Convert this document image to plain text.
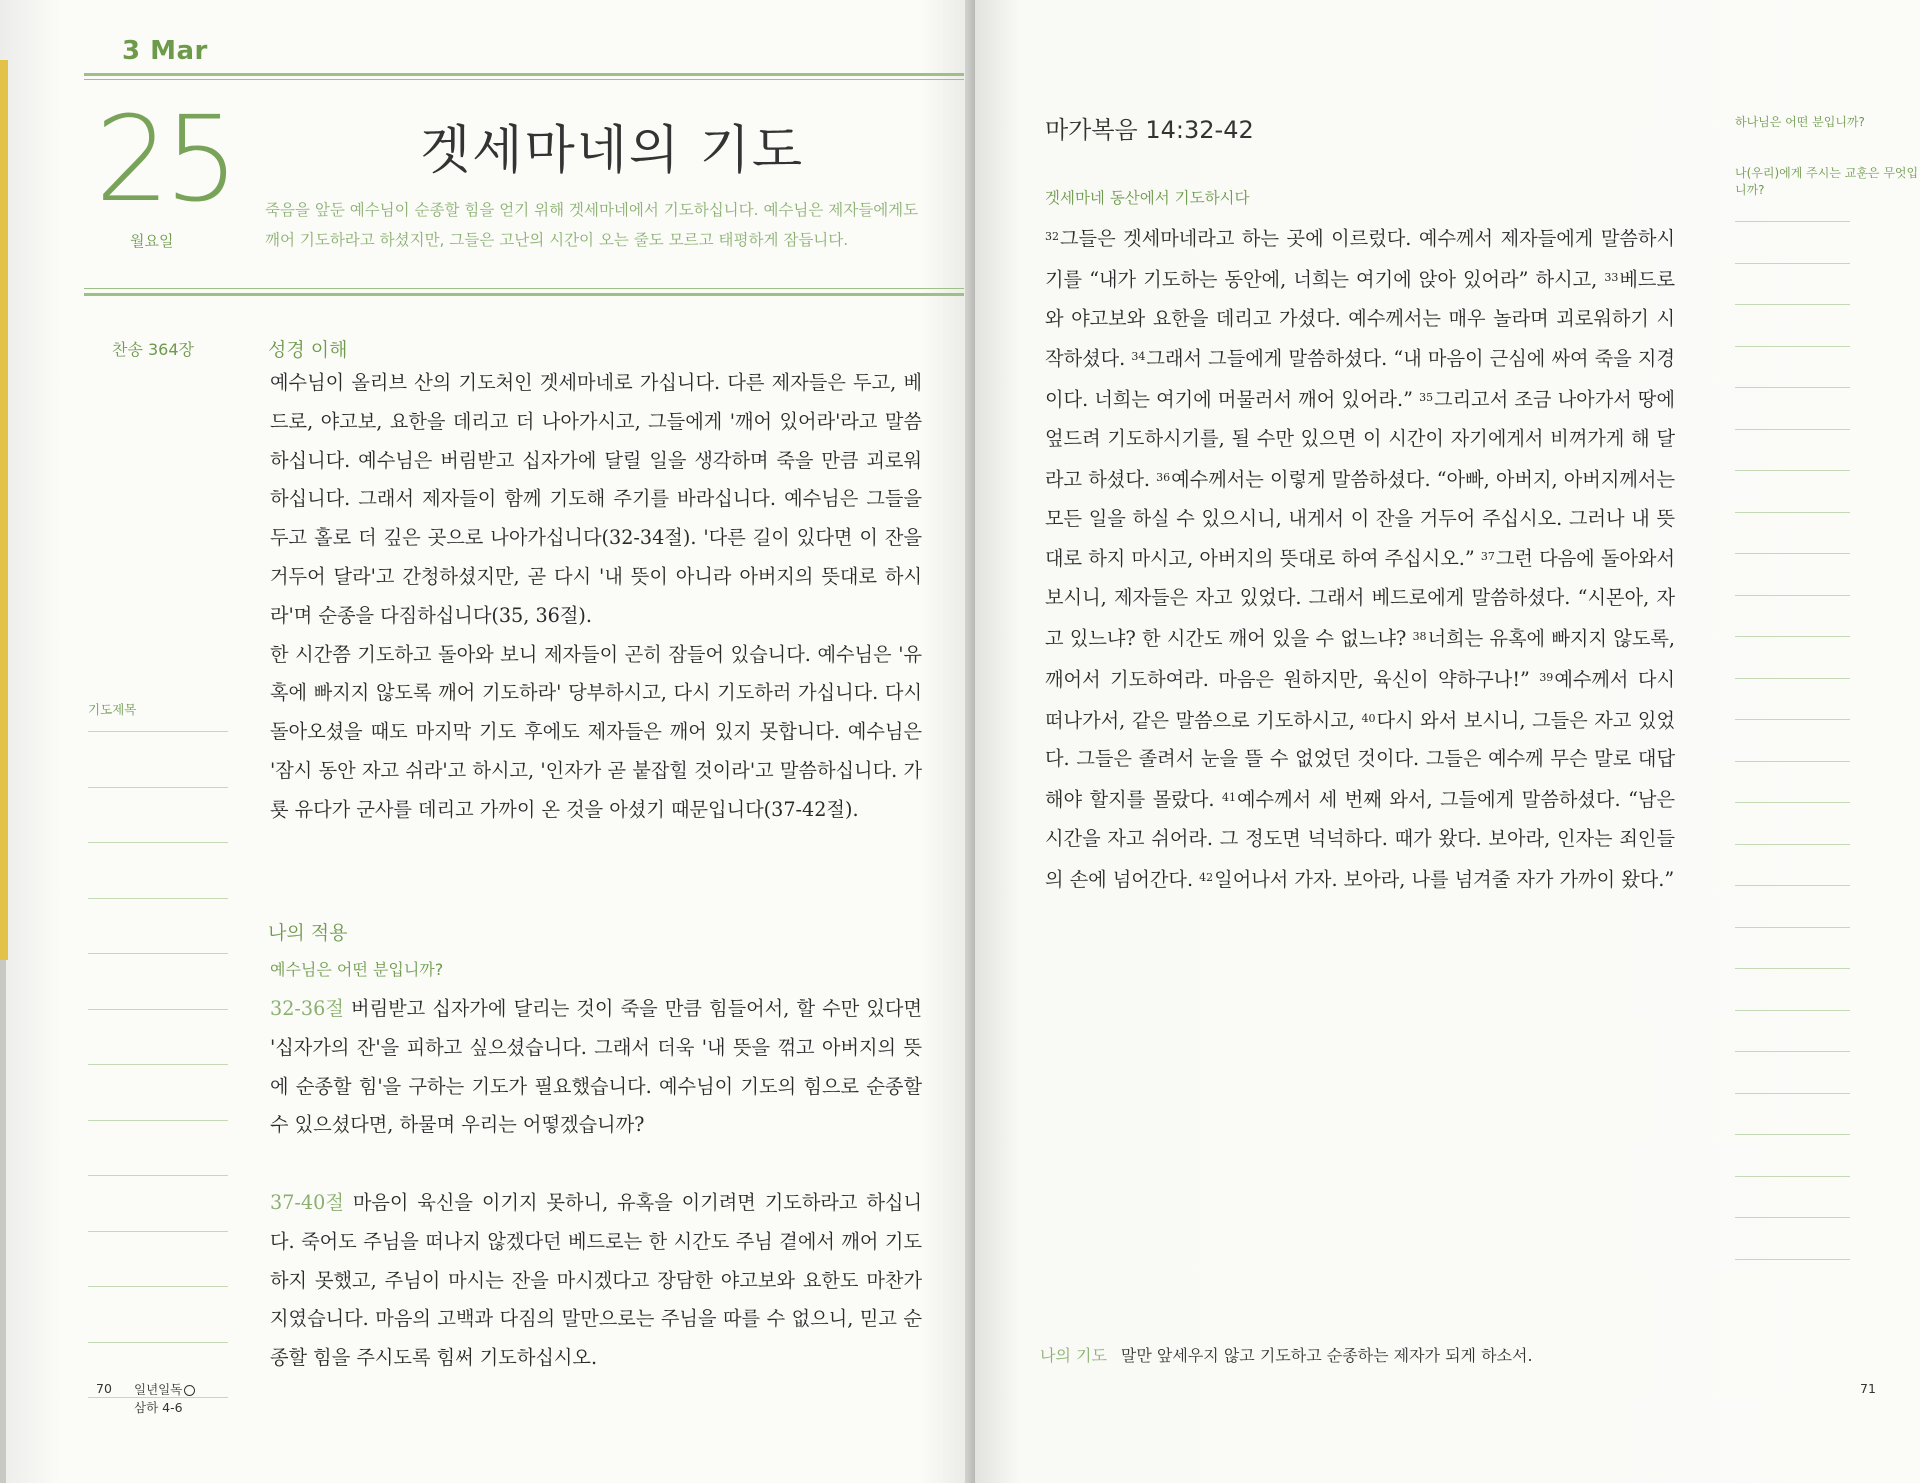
3 Mar
25
월요일
겟세마네의 기도
죽음을 앞둔 예수님이 순종할 힘을 얻기 위해 겟세마네에서 기도하십니다. 예수님은 제자들에게도 깨어 기도하라고 하셨지만, 그들은 고난의 시간이 오는 줄도 모르고 태평하게 잠듭니다.
찬송 364장
기도제목
성경 이해

예수님이 올리브 산의 기도처인 겟세마네로 가십니다. 다른 제자들은 두고, 베드로, 야고보, 요한을 데리고 더 나아가시고, 그들에게 '깨어 있어라'라고 말씀하십니다. 예수님은 버림받고 십자가에 달릴 일을 생각하며 죽을 만큼 괴로워하십니다. 그래서 제자들이 함께 기도해 주기를 바라십니다. 예수님은 그들을 두고 홀로 더 깊은 곳으로 나아가십니다(32-34절). '다른 길이 있다면 이 잔을 거두어 달라'고 간청하셨지만, 곧 다시 '내 뜻이 아니라 아버지의 뜻대로 하시라'며 순종을 다짐하십니다(35, 36절).

한 시간쯤 기도하고 돌아와 보니 제자들이 곤히 잠들어 있습니다. 예수님은 '유혹에 빠지지 않도록 깨어 기도하라' 당부하시고, 다시 기도하러 가십니다. 다시 돌아오셨을 때도 마지막 기도 후에도 제자들은 깨어 있지 못합니다. 예수님은 '잠시 동안 자고 쉬라'고 하시고, '인자가 곧 붙잡힐 것이라'고 말씀하십니다. 가룟 유다가 군사를 데리고 가까이 온 것을 아셨기 때문입니다(37-42절).

나의 적용
예수님은 어떤 분입니까?
32-36절 버림받고 십자가에 달리는 것이 죽을 만큼 힘들어서, 할 수만 있다면 '십자가의 잔'을 피하고 싶으셨습니다. 그래서 더욱 '내 뜻을 꺾고 아버지의 뜻에 순종할 힘'을 구하는 기도가 필요했습니다. 예수님이 기도의 힘으로 순종할 수 있으셨다면, 하물며 우리는 어떻겠습니까?
37-40절 마음이 육신을 이기지 못하니, 유혹을 이기려면 기도하라고 하십니다. 죽어도 주님을 떠나지 않겠다던 베드로는 한 시간도 주님 곁에서 깨어 기도하지 못했고, 주님이 마시는 잔을 마시겠다고 장담한 야고보와 요한도 마찬가지였습니다. 마음의 고백과 다짐의 말만으로는 주님을 따를 수 없으니, 믿고 순종할 힘을 주시도록 힘써 기도하십시오.
70 일년일독
삼하 4-6
마가복음 14:32-42
겟세마네 동산에서 기도하시다
$^{32}$그들은 겟세마네라고 하는 곳에 이르렀다. 예수께서 제자들에게 말씀하시기를 “내가 기도하는 동안에, 너희는 여기에 앉아 있어라” 하시고, $^{33}$베드로와 야고보와 요한을 데리고 가셨다. 예수께서는 매우 놀라며 괴로워하기 시작하셨다. $^{34}$그래서 그들에게 말씀하셨다. “내 마음이 근심에 싸여 죽을 지경이다. 너희는 여기에 머물러서 깨어 있어라.” $^{35}$그리고서 조금 나아가서 땅에 엎드려 기도하시기를, 될 수만 있으면 이 시간이 자기에게서 비껴가게 해 달라고 하셨다. $^{36}$예수께서는 이렇게 말씀하셨다. “아빠, 아버지, 아버지께서는 모든 일을 하실 수 있으시니, 내게서 이 잔을 거두어 주십시오. 그러나 내 뜻대로 하지 마시고, 아버지의 뜻대로 하여 주십시오.” $^{37}$그런 다음에 돌아와서 보시니, 제자들은 자고 있었다. 그래서 베드로에게 말씀하셨다. “시몬아, 자고 있느냐? 한 시간도 깨어 있을 수 없느냐? $^{38}$너희는 유혹에 빠지지 않도록, 깨어서 기도하여라. 마음은 원하지만, 육신이 약하구나!” $^{39}$예수께서 다시 떠나가서, 같은 말씀으로 기도하시고, $^{40}$다시 와서 보시니, 그들은 자고 있었다. 그들은 졸려서 눈을 뜰 수 없었던 것이다. 그들은 예수께 무슨 말로 대답해야 할지를 몰랐다. $^{41}$예수께서 세 번째 와서, 그들에게 말씀하셨다. “남은 시간을 자고 쉬어라. 그 정도면 넉넉하다. 때가 왔다. 보아라, 인자는 죄인들의 손에 넘어간다. $^{42}$일어나서 가자. 보아라, 나를 넘겨줄 자가 가까이 왔다.”
하나님은 어떤 분입니까?
나(우리)에게 주시는 교훈은 무엇입니까?
나의 기도 말만 앞세우지 않고 기도하고 순종하는 제자가 되게 하소서.
71
